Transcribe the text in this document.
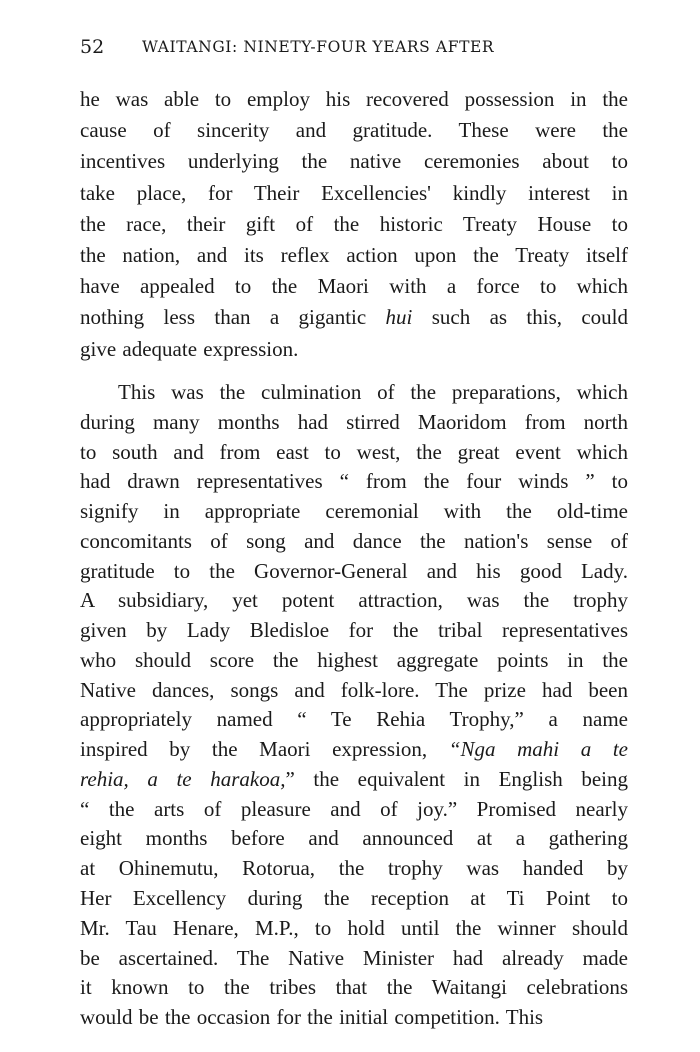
52 WAITANGI: NINETY-FOUR YEARS AFTER
he was able to employ his recovered possession in the
cause of sincerity and gratitude. These were the
incentives underlying the native ceremonies about to
take place, for Their Excellencies' kindly interest in
the race, their gift of the historic Treaty House to
the nation, and its reflex action upon the Treaty itself
have appealed to the Maori with a force to which
nothing less than a gigantic hui such as this, could
give adequate expression.
This was the culmination of the preparations, which
during many months had stirred Maoridom from north
to south and from east to west, the great event which
had drawn representatives “ from the four winds ” to
signify in appropriate ceremonial with the old-time
concomitants of song and dance the nation's sense of
gratitude to the Governor-General and his good Lady.
A subsidiary, yet potent attraction, was the trophy
given by Lady Bledisloe for the tribal representatives
who should score the highest aggregate points in the
Native dances, songs and folk-lore. The prize had been
appropriately named “ Te Rehia Trophy,” a name
inspired by the Maori expression, “Nga mahi a te
rehia, a te harakoa,” the equivalent in English being
“ the arts of pleasure and of joy.” Promised nearly
eight months before and announced at a gathering
at Ohinemutu, Rotorua, the trophy was handed by
Her Excellency during the reception at Ti Point to
Mr. Tau Henare, M.P., to hold until the winner should
be ascertained. The Native Minister had already made
it known to the tribes that the Waitangi celebrations
would be the occasion for the initial competition. This
